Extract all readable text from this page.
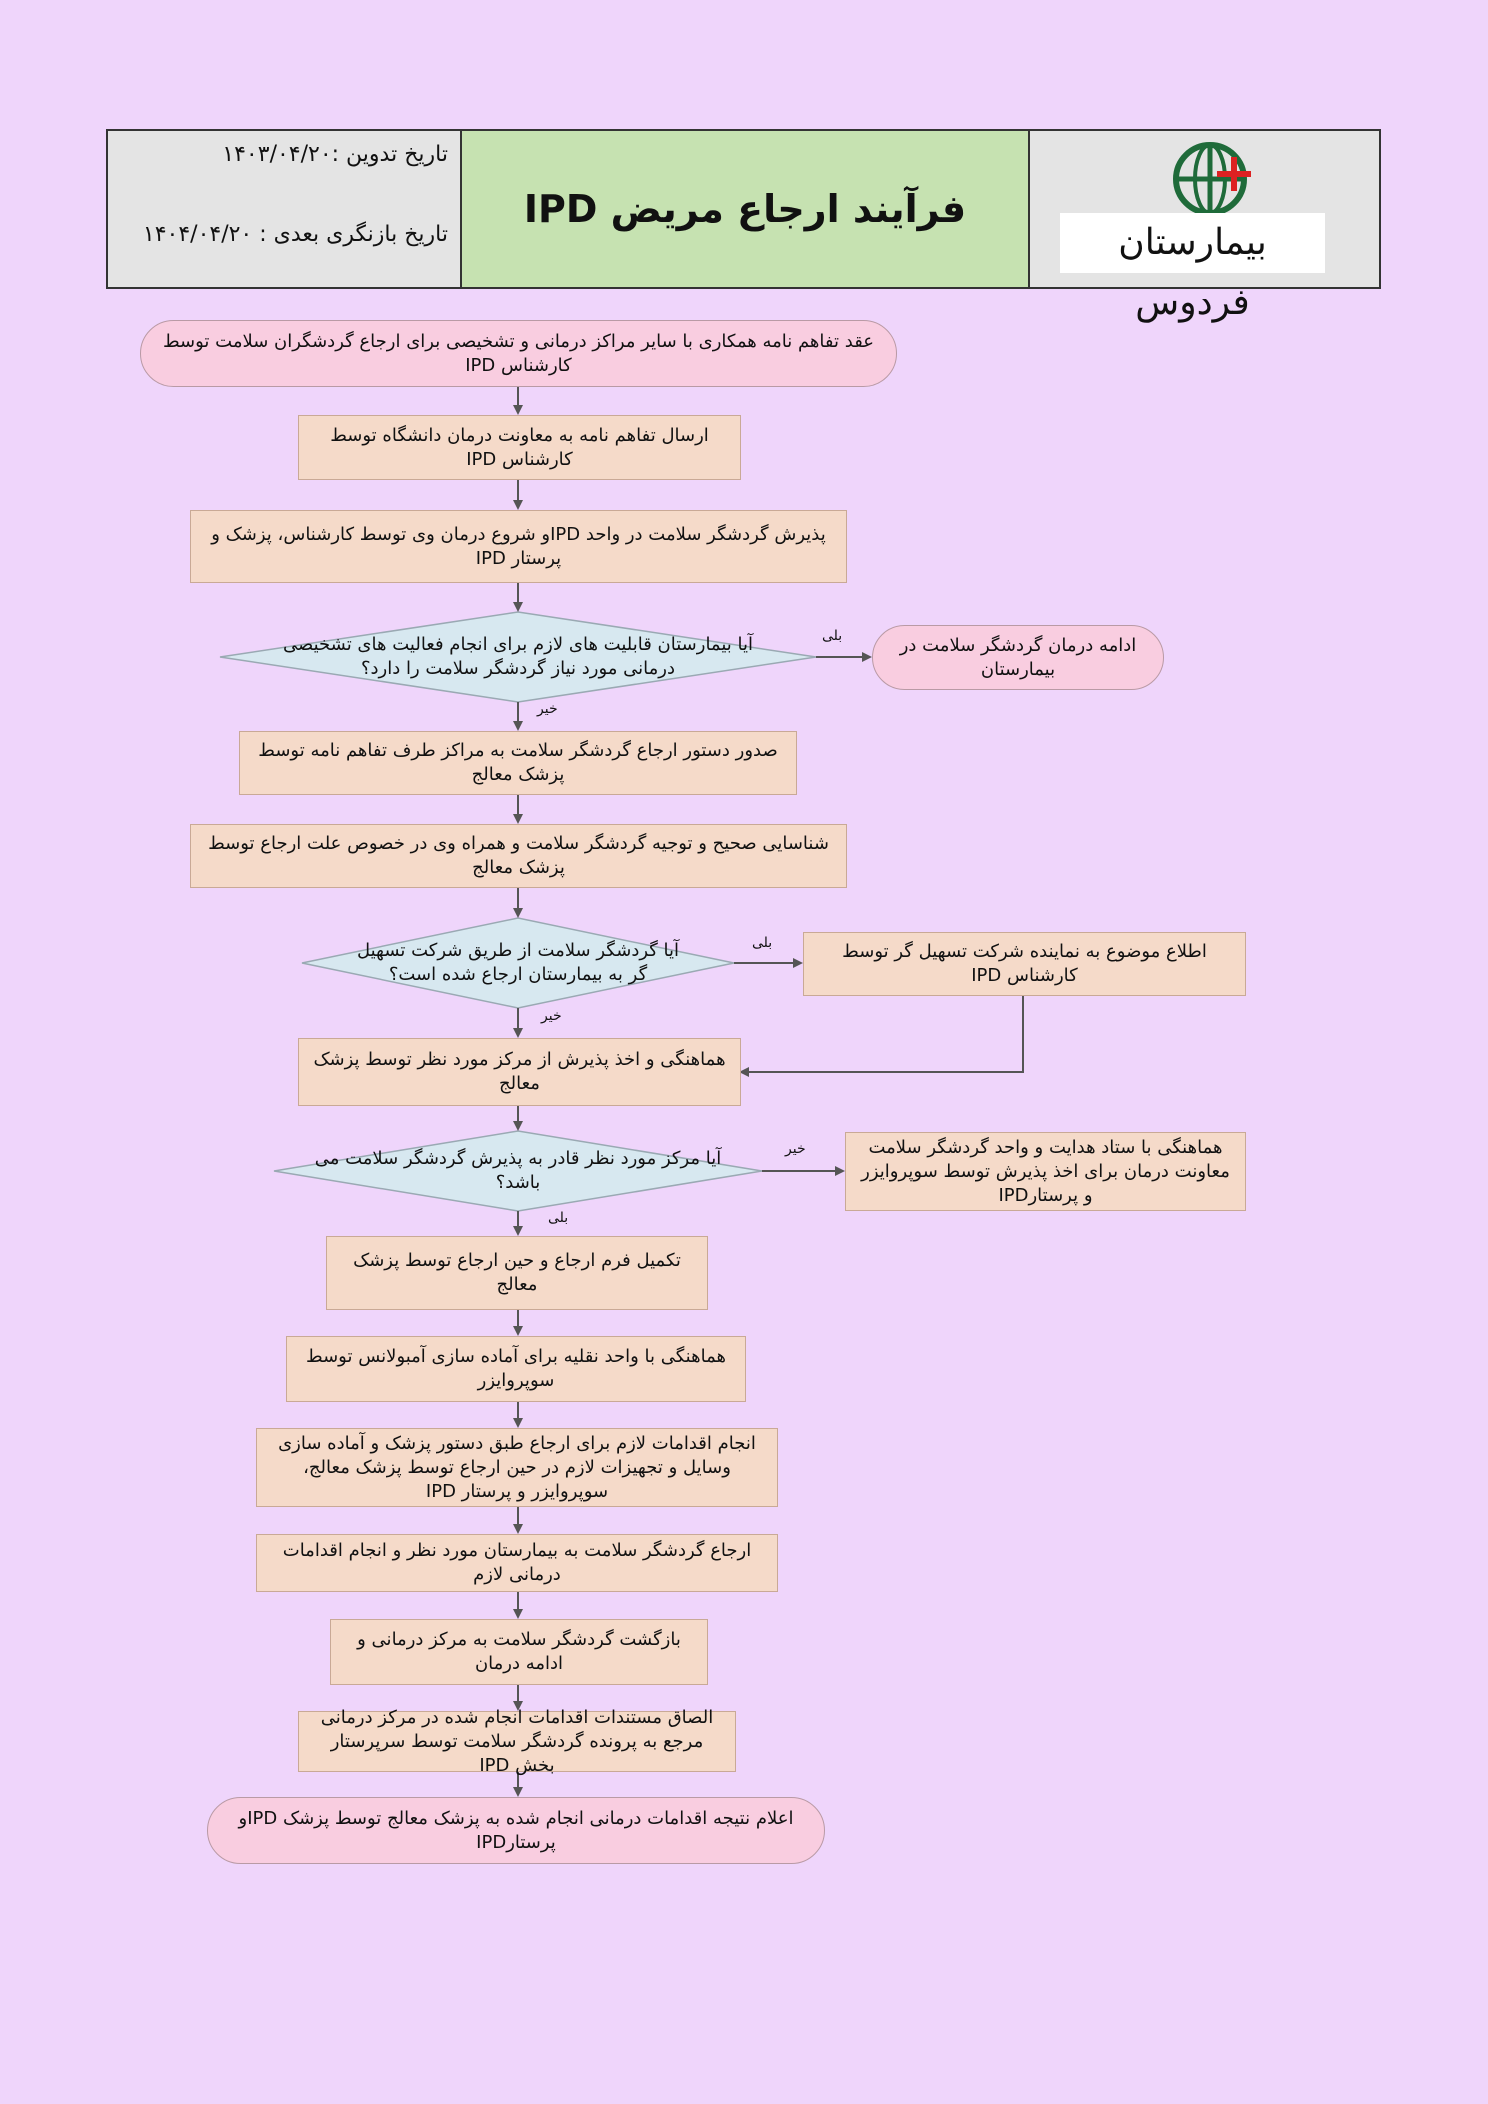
تاریخ تدوین :۱۴۰۳/۰۴/۲۰
تاریخ بازنگری بعدی : ۱۴۰۴/۰۴/۲۰
فرآیند ارجاع مریض IPD
بیمارستان فردوس
عقد تفاهم نامه همکاری با سایر مراکز درمانی و تشخیصی برای ارجاع گردشگران سلامت توسط کارشناس IPD
ارسال تفاهم نامه به معاونت درمان دانشگاه توسط کارشناس IPD
پذیرش گردشگر سلامت در واحد IPDو شروع درمان وی توسط کارشناس، پزشک و پرستار IPD
آیا بیمارستان قابلیت های لازم برای انجام فعالیت های تشخیصی درمانی مورد نیاز گردشگر سلامت را دارد؟
ادامه درمان گردشگر سلامت در بیمارستان
صدور دستور ارجاع گردشگر سلامت به مراکز طرف تفاهم نامه توسط پزشک معالج
شناسایی صحیح و توجیه گردشگر سلامت و همراه وی در خصوص علت ارجاع توسط پزشک معالج
آیا گردشگر سلامت از طریق شرکت تسهیل گر به بیمارستان ارجاع شده است؟
اطلاع موضوع به نماینده شرکت تسهیل گر توسط کارشناس IPD
هماهنگی و اخذ پذیرش از مرکز مورد نظر توسط پزشک معالج
آیا مرکز مورد نظر قادر به پذیرش گردشگر سلامت می باشد؟
هماهنگی با ستاد هدایت و واحد گردشگر سلامت معاونت درمان برای اخذ پذیرش توسط سوپروایزر و پرستارIPD
تکمیل فرم ارجاع و حین ارجاع توسط پزشک معالج
هماهنگی با واحد نقلیه برای آماده سازی آمبولانس توسط سوپروایزر
انجام اقدامات لازم برای ارجاع طبق دستور پزشک و آماده سازی وسایل و تجهیزات لازم در حین ارجاع توسط پزشک معالج، سوپروایزر و پرستار IPD
ارجاع گردشگر سلامت به بیمارستان مورد نظر و انجام اقدامات درمانی لازم
بازگشت گردشگر سلامت به مرکز درمانی و ادامه درمان
الصاق مستندات اقدامات انجام شده در مرکز درمانی مرجع به پرونده گردشگر سلامت توسط سرپرستار بخش IPD
اعلام نتیجه اقدامات درمانی انجام شده به پزشک معالج توسط پزشک IPDو پرستارIPD
بلی
خیر
بلی
خیر
خیر
بلی
